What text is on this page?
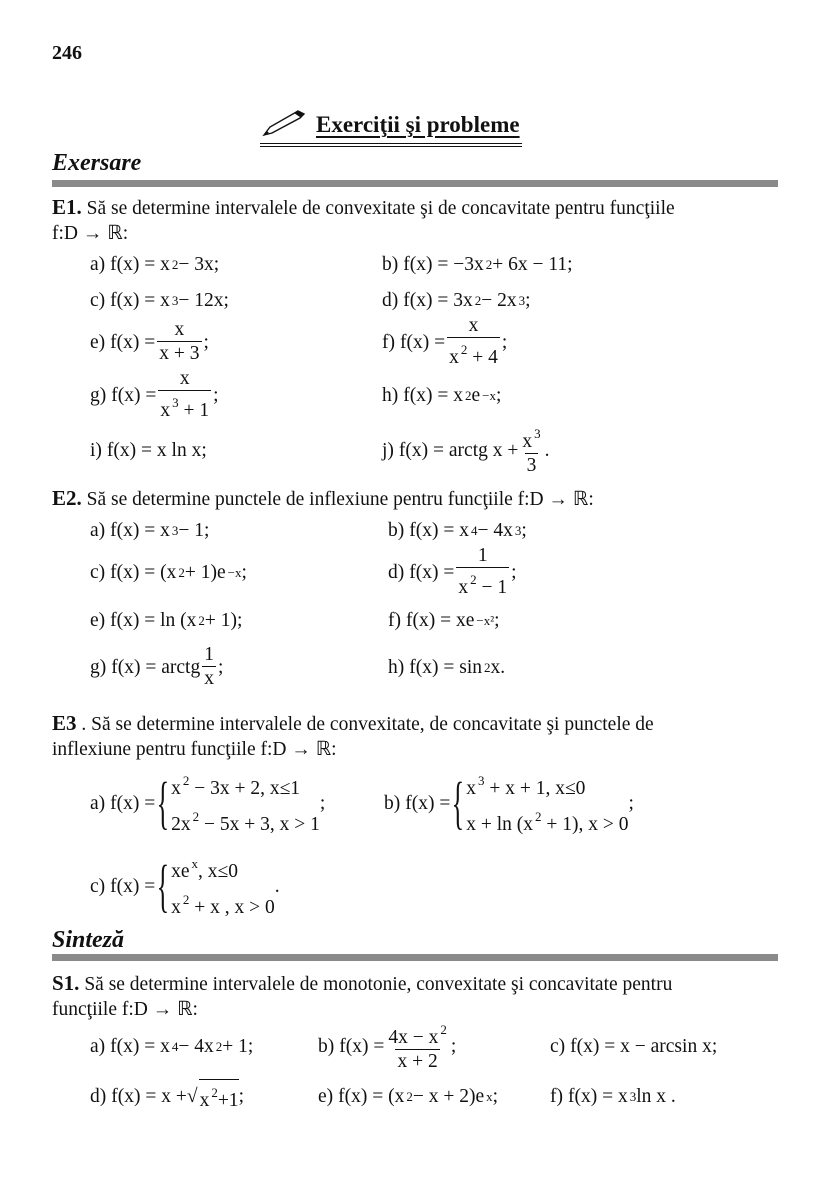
246
Exerciţii şi probleme
Exersare
Sinteză
E1. Să se determine intervalele de convexitate şi de concavitate pentru funcţiile
f:D → ℝ:
a) f(x) = x 2 − 3x;	b) f(x) = −3x 2 + 6x − 11;
c) f(x) = x 3 − 12x;	d) f(x) = 3x 2 − 2x 3 ;
e) $f(x) = \frac{x}{x + 3}$ ;	f) $f(x) = \frac{x}{x ^2 + 4}$ ;
g) $f(x) = \frac{x}{x ^3 + 1}$ ;	h) f(x) = x 2 e −x ;
i) f(x) = x ln x;	j) f(x) = arctg $x + \frac{x ^3}{3}$ .
E2. Să se determine punctele de inflexiune pentru funcţiile f:D → ℝ:
a) f(x) = x 3 − 1;	b) f(x) = x 4 − 4x 3 ;
c) f(x) = (x 2 + 1)e −x ;	d) $f(x) = \frac{1}{x ^2 - 1}$ ;
e) f(x) = ln (x 2 + 1);	f) f(x) = xe −x² ;
g) f(x) = arctg $\frac{1}{x}$ ;	h) f(x) = sin 2 x.
E3 . Să se determine intervalele de convexitate, de concavitate şi punctele de
inflexiune pentru funcţiile f:D → ℝ:
a) f(x) = { x $^2$ − 3x + 2, x≤1
2x $^2$ − 5x + 3, x > 1
;	b) f(x) = { x $^3$ + x + 1, x≤0
x + ln (x $^2$ + 1), x > 0
;
c) f(x) = { xe $^x$, x≤0
x $^2$ + x , x > 0
.
S1. Să se determine intervalele de monotonie, convexitate şi concavitate pentru
funcţiile f:D → ℝ:
a) f(x) = x 4 − 4x 2 + 1;	b) $f(x) = \frac{4x - x ^2}{x + 2}$ ;	c) f(x) = x − arcsin x;
d) f(x) = x + √ x $^2$+1 ;	e) f(x) = (x 2 − x + 2)e x ;	f) f(x) = x 3 ln x .
